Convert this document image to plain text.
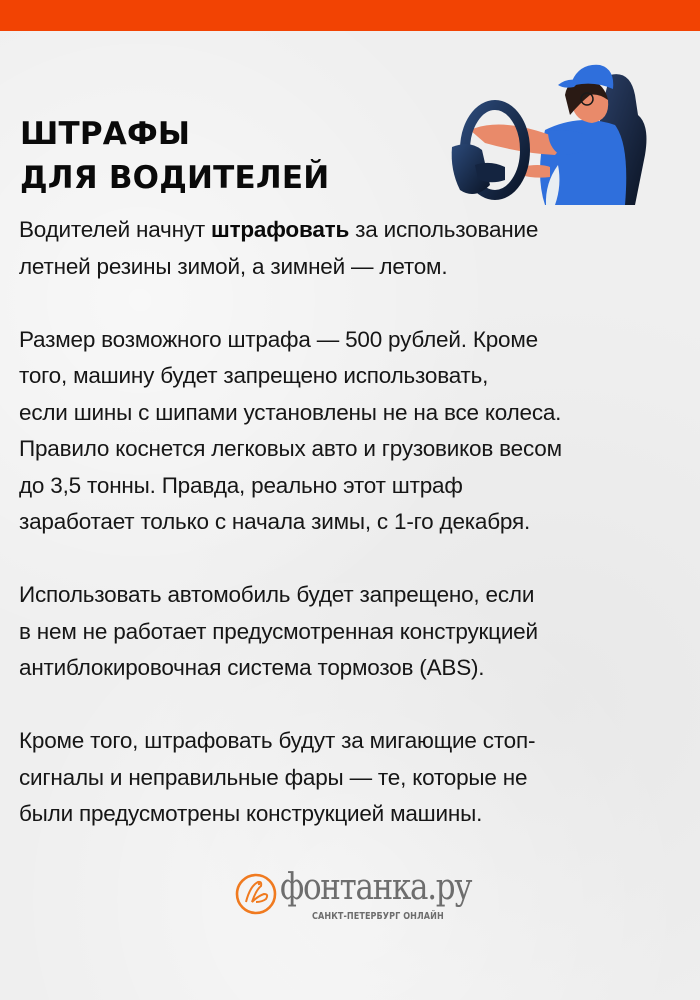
ШТРАФЫ
ДЛЯ ВОДИТЕЛЕЙ

Водителей начнут штрафовать за использование
летней резины зимой, а зимней — летом.

Размер возможного штрафа — 500 рублей. Кроме
того, машину будет запрещено использовать,
если шины с шипами установлены не на все колеса.
Правило коснется легковых авто и грузовиков весом
до 3,5 тонны. Правда, реально этот штраф
заработает только с начала зимы, с 1-го декабря.

Использовать автомобиль будет запрещено, если
в нем не работает предусмотренная конструкцией
антиблокировочная система тормозов (ABS).

Кроме того, штрафовать будут за мигающие стоп-
сигналы и неправильные фары — те, которые не
были предусмотрены конструкцией машины.

фонтанка.ру
САНКТ-ПЕТЕРБУРГ ОНЛАЙН
